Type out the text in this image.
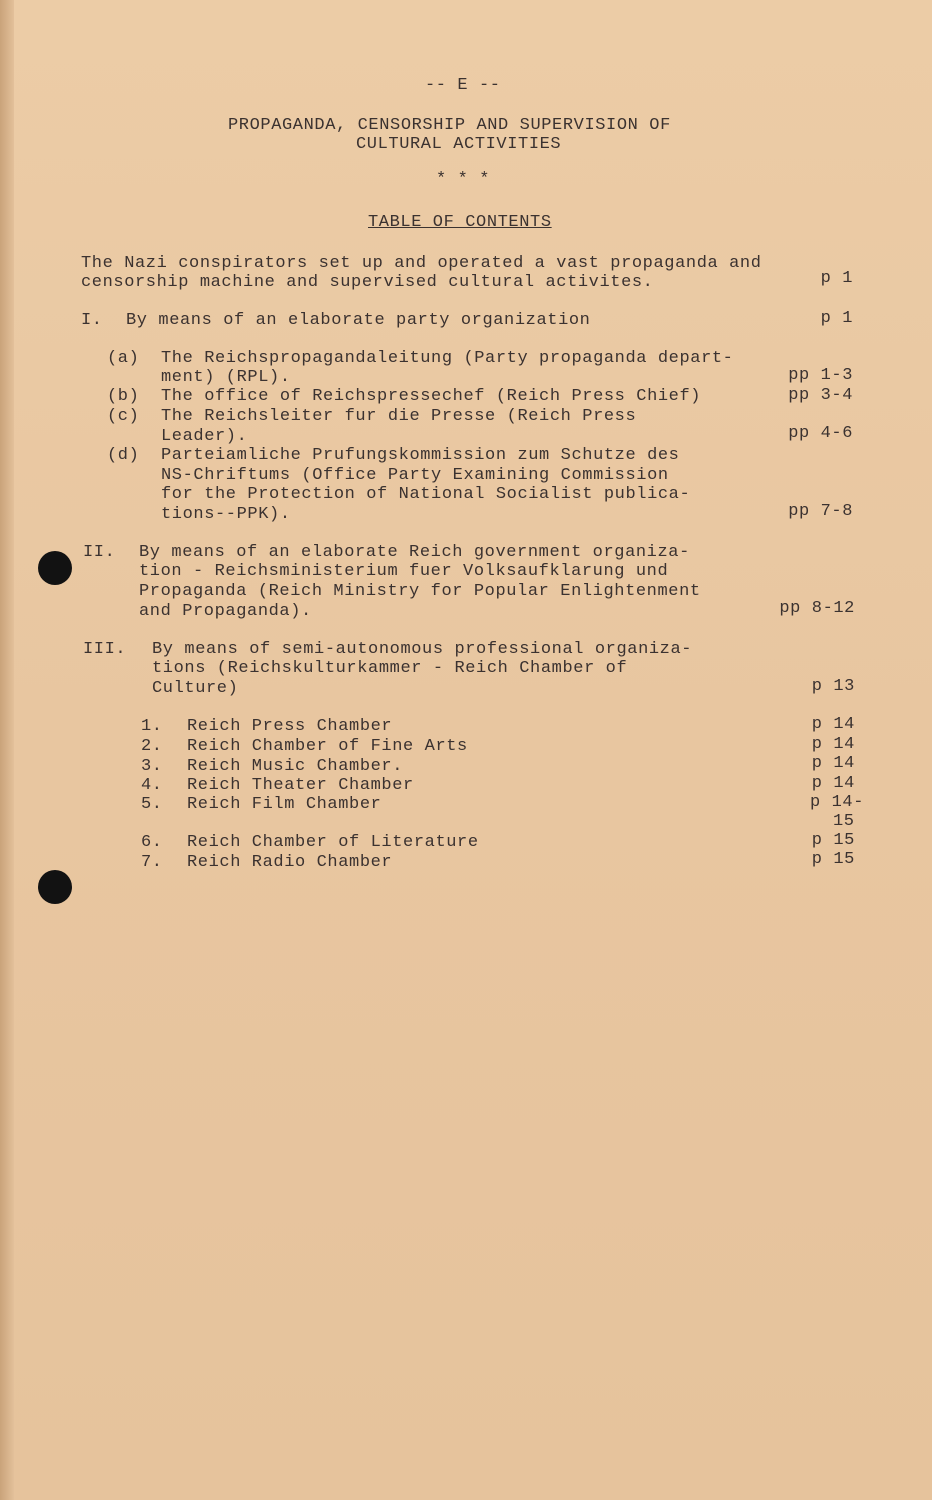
-- E --
PROPAGANDA, CENSORSHIP AND SUPERVISION OF
CULTURAL ACTIVITIES
* * *
TABLE OF CONTENTS
The Nazi conspirators set up and operated a vast propaganda and
censorship machine and supervised cultural activites.	p 1
I. By means of an elaborate party organization	p 1
(a) The Reichspropagandaleitung (Party propaganda depart-
ment) (RPL).	pp 1-3
(b) The office of Reichspressechef (Reich Press Chief)	pp 3-4
(c) The Reichsleiter fur die Presse (Reich Press
Leader).	pp 4-6
(d) Parteiamliche Prufungskommission zum Schutze des
NS-Chriftums (Office Party Examining Commission
for the Protection of National Socialist publica-
tions--PPK).	pp 7-8
II. By means of an elaborate Reich government organiza-
tion - Reichsministerium fuer Volksaufklarung und
Propaganda (Reich Ministry for Popular Enlightenment
and Propaganda).	pp 8-12
III. By means of semi-autonomous professional organiza-
tions (Reichskulturkammer - Reich Chamber of
Culture)	p 13
1. Reich Press Chamber	p 14
2. Reich Chamber of Fine Arts	p 14
3. Reich Music Chamber.	p 14
4. Reich Theater Chamber	p 14
5. Reich Film Chamber	p 14-
15
6. Reich Chamber of Literature	p 15
7. Reich Radio Chamber	p 15
